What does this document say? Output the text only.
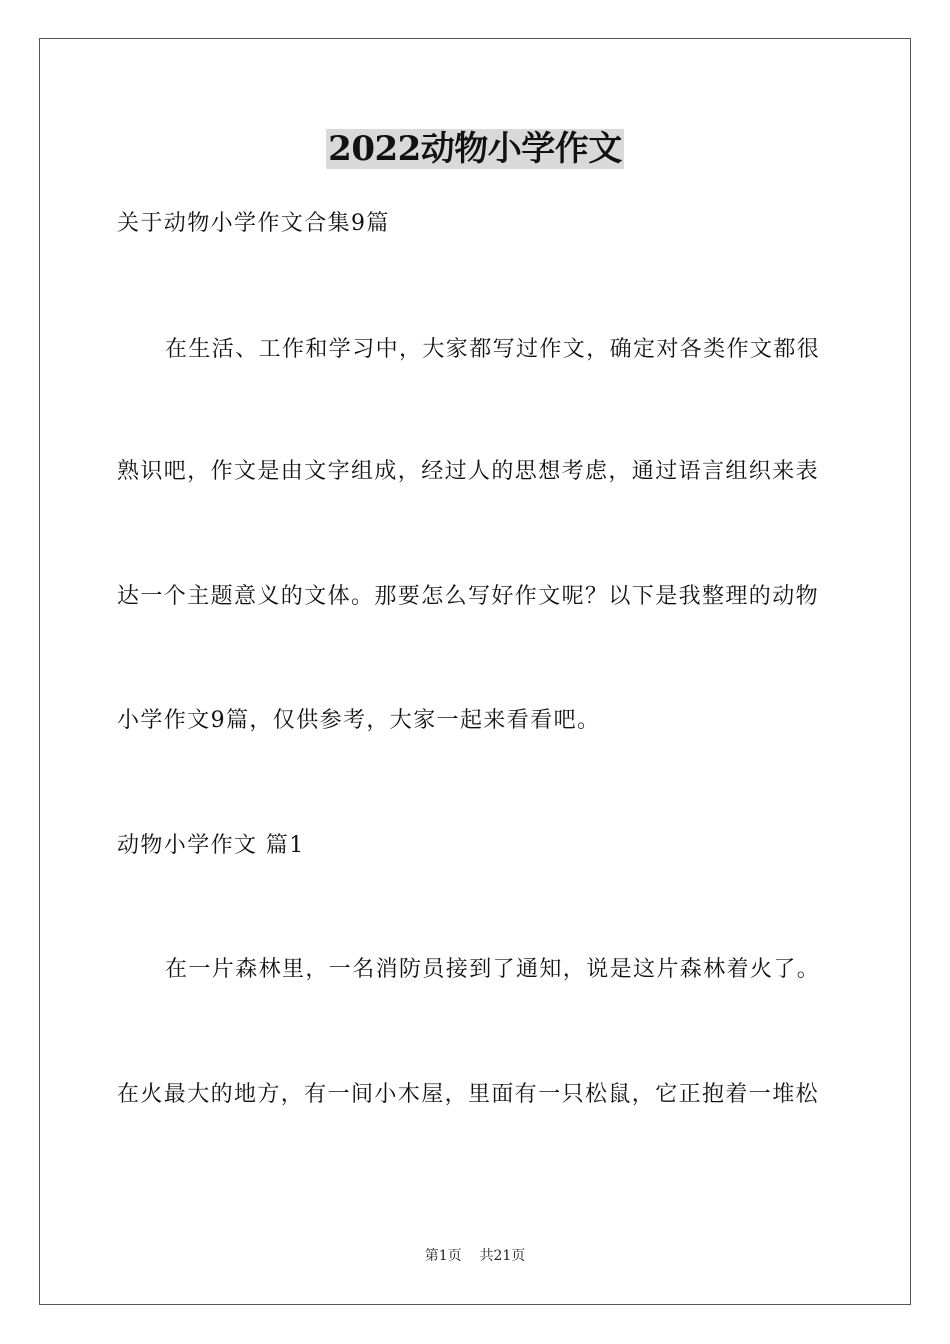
2022动物小学作文
关于动物小学作文合集9篇
在生活、工作和学习中，大家都写过作文，确定对各类作文都很
熟识吧，作文是由文字组成，经过人的思想考虑，通过语言组织来表
达一个主题意义的文体。那要怎么写好作文呢？以下是我整理的动物
小学作文9篇，仅供参考，大家一起来看看吧。
动物小学作文 篇1
在一片森林里，一名消防员接到了通知，说是这片森林着火了。
在火最大的地方，有一间小木屋，里面有一只松鼠，它正抱着一堆松
第1页    共21页
